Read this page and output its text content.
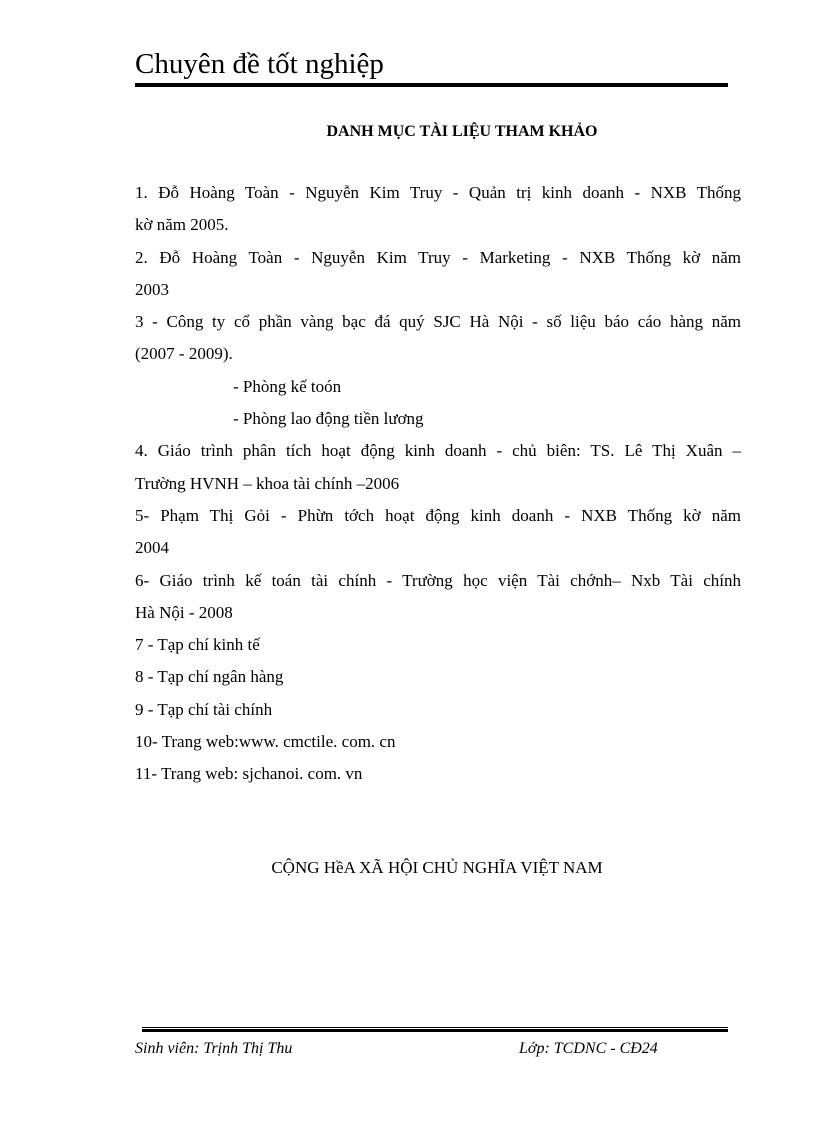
Chuyên đề tốt nghiệp
DANH MỤC TÀI LIỆU THAM KHẢO
1. Đỗ Hoàng Toàn - Nguyễn Kim Truy - Quản trị kinh doanh - NXB Thống
kờ năm 2005.
2. Đỗ Hoàng Toàn - Nguyễn Kim Truy - Marketing - NXB Thống kờ năm
2003
3 - Công ty cổ phần vàng bạc đá quý SJC Hà Nội - số liệu báo cáo hàng năm
(2007 - 2009).
- Phòng kế toón
- Phòng lao động tiền lương
4. Giáo trình phân tích hoạt động kinh doanh - chủ biên: TS. Lê Thị Xuân –
Trường HVNH – khoa tài chính –2006
5- Phạm Thị Gỏi - Phừn tớch hoạt động kinh doanh - NXB Thống kờ năm
2004
6- Giáo trình kế toán tài chính - Trường học viện Tài chớnh– Nxb Tài chính
Hà Nội - 2008
7 - Tạp chí kinh tế
8 - Tạp chí ngân hàng
9 - Tạp chí tài chính
10- Trang web:www. cmctile. com. cn
11- Trang web: sjchanoi. com. vn
CỘNG HềA XÃ HỘI CHỦ NGHĨA VIỆT NAM
Sinh viên: Trịnh Thị Thu	Lớp: TCDNC - CĐ24
